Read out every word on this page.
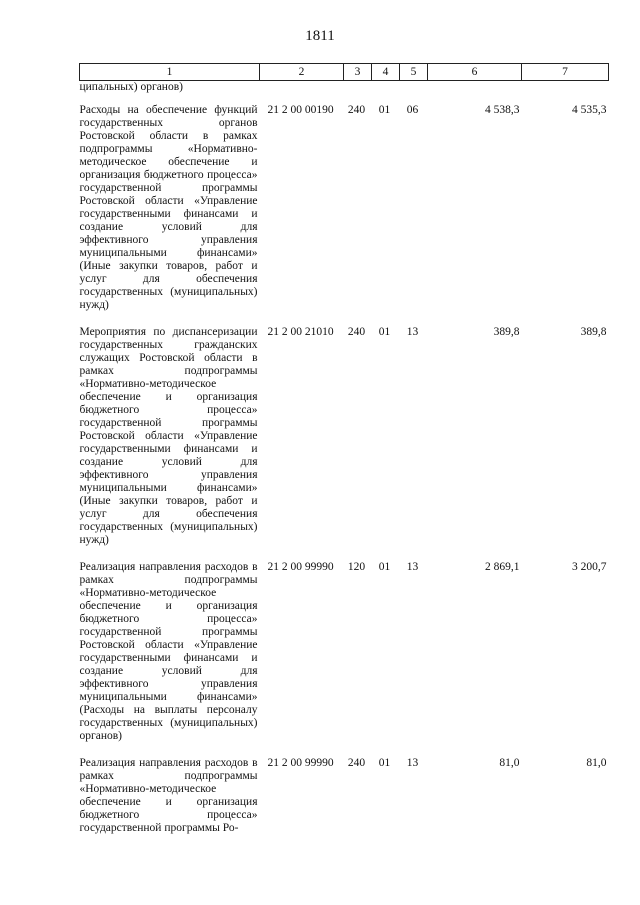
1811
1	2	3	4	5	6	7
ципальных) органов)						
Расходы на обеспечение функций государственных органов Ростовской области в рамках подпрограммы «Нормативно-методическое обеспечение и организация бюджетного процесса» государственной программы Ростовской области «Управление государственными финансами и создание условий для эффективного управления муниципальными финансами» (Иные закупки товаров, работ и услуг для обеспечения государственных (муниципальных) нужд)	21 2 00 00190	240	01	06	4 538,3	4 535,3
Мероприятия по диспансеризации государственных гражданских служащих Ростовской области в рамках подпрограммы «Нормативно-методическое обеспечение и организация бюджетного процесса» государственной программы Ростовской области «Управление государственными финансами и создание условий для эффективного управления муниципальными финансами» (Иные закупки товаров, работ и услуг для обеспечения государственных (муниципальных) нужд)	21 2 00 21010	240	01	13	389,8	389,8
Реализация направления расходов в рамках подпрограммы «Нормативно-методическое обеспечение и организация бюджетного процесса» государственной программы Ростовской области «Управление государственными финансами и создание условий для эффективного управления муниципальными финансами» (Расходы на выплаты персоналу государственных (муниципальных) органов)	21 2 00 99990	120	01	13	2 869,1	3 200,7
Реализация направления расходов в рамках подпрограммы «Нормативно-методическое обеспечение и организация бюджетного процесса» государственной программы Ро-	21 2 00 99990	240	01	13	81,0	81,0
